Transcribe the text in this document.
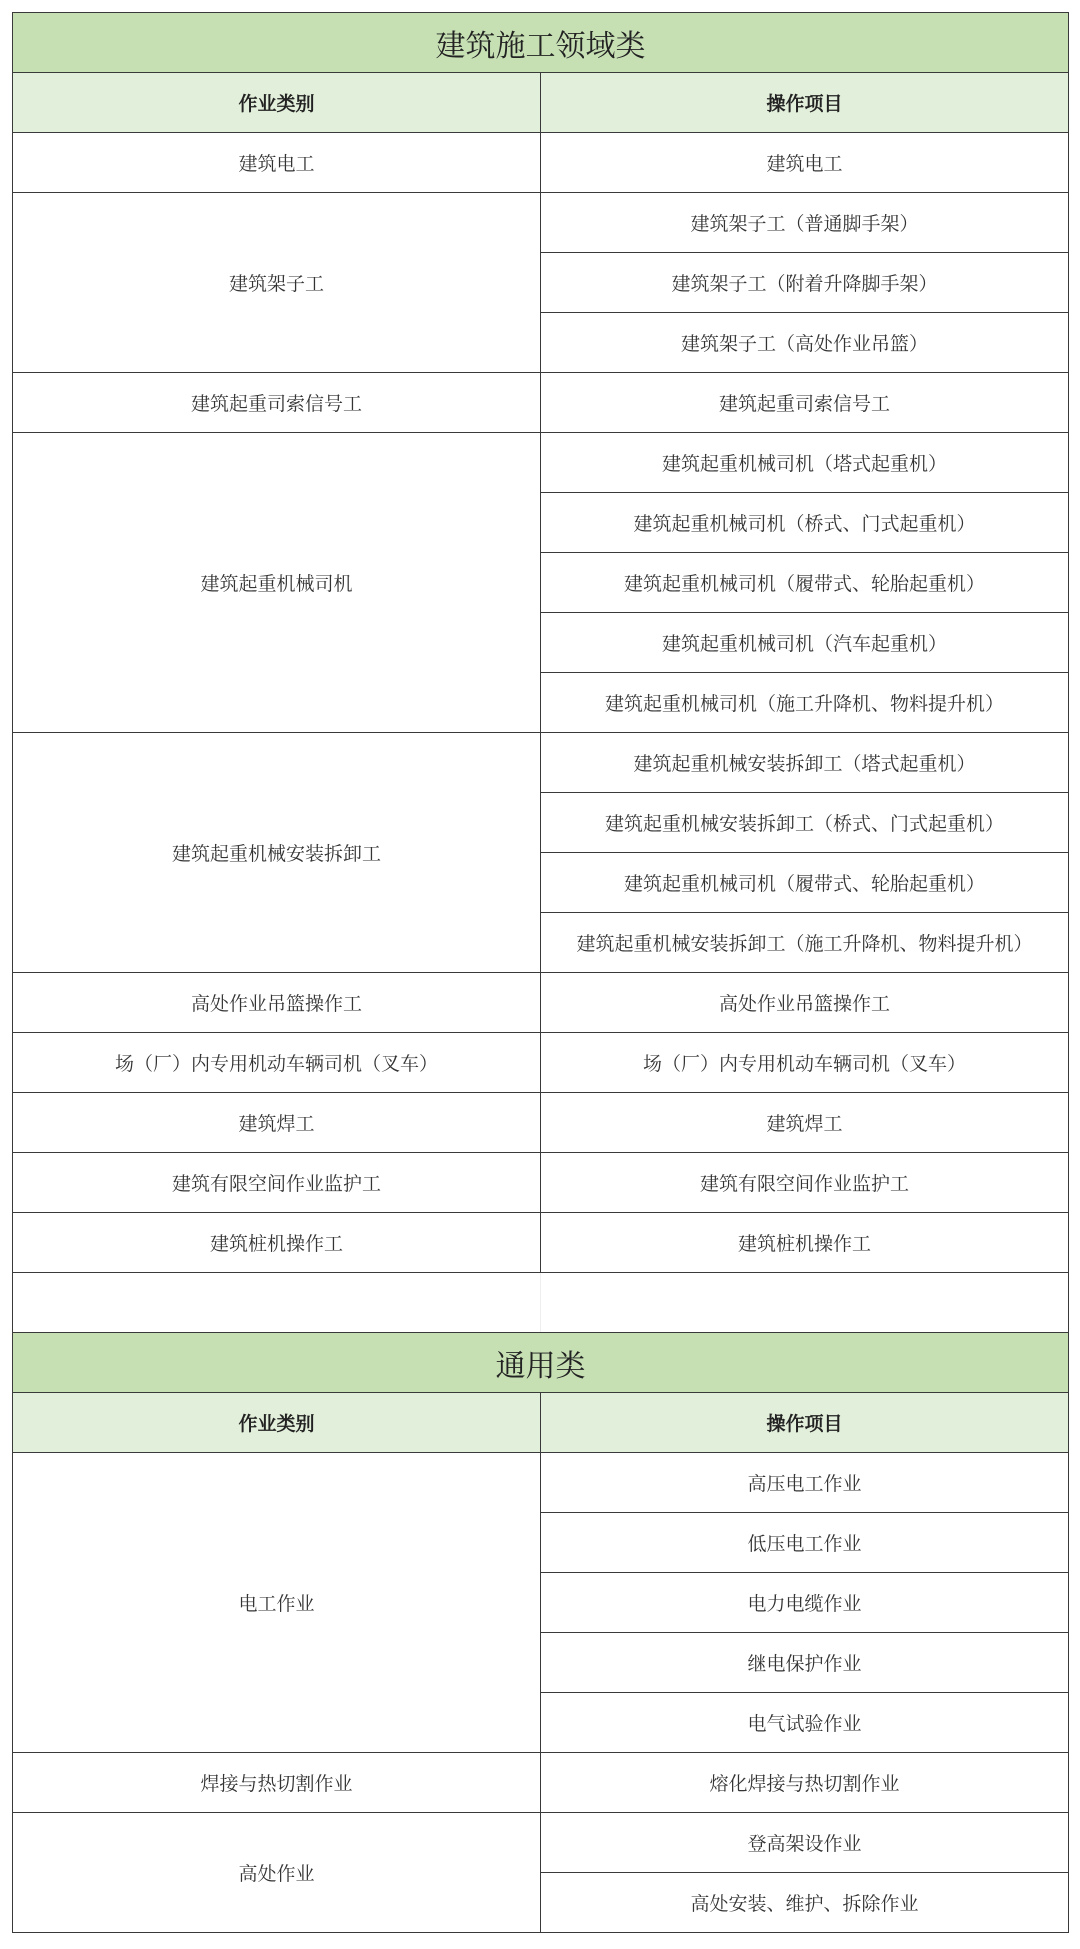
建筑施工领域类	
作业类别	操作项目
建筑电工	建筑电工
建筑架子工	建筑架子工（普通脚手架）
	建筑架子工（附着升降脚手架）
	建筑架子工（高处作业吊篮）
建筑起重司索信号工	建筑起重司索信号工
建筑起重机械司机	建筑起重机械司机（塔式起重机）
	建筑起重机械司机（桥式、门式起重机）
	建筑起重机械司机（履带式、轮胎起重机）
	建筑起重机械司机（汽车起重机）
	建筑起重机械司机（施工升降机、物料提升机）
建筑起重机械安装拆卸工	建筑起重机械安装拆卸工（塔式起重机）
	建筑起重机械安装拆卸工（桥式、门式起重机）
	建筑起重机械司机（履带式、轮胎起重机）
	建筑起重机械安装拆卸工（施工升降机、物料提升机）
高处作业吊篮操作工	高处作业吊篮操作工
场（厂）内专用机动车辆司机（叉车）	场（厂）内专用机动车辆司机（叉车）
建筑焊工	建筑焊工
建筑有限空间作业监护工	建筑有限空间作业监护工
建筑桩机操作工	建筑桩机操作工

通用类	
作业类别	操作项目
电工作业	高压电工作业
	低压电工作业
	电力电缆作业
	继电保护作业
	电气试验作业
焊接与热切割作业	熔化焊接与热切割作业
高处作业	登高架设作业
	高处安装、维护、拆除作业
